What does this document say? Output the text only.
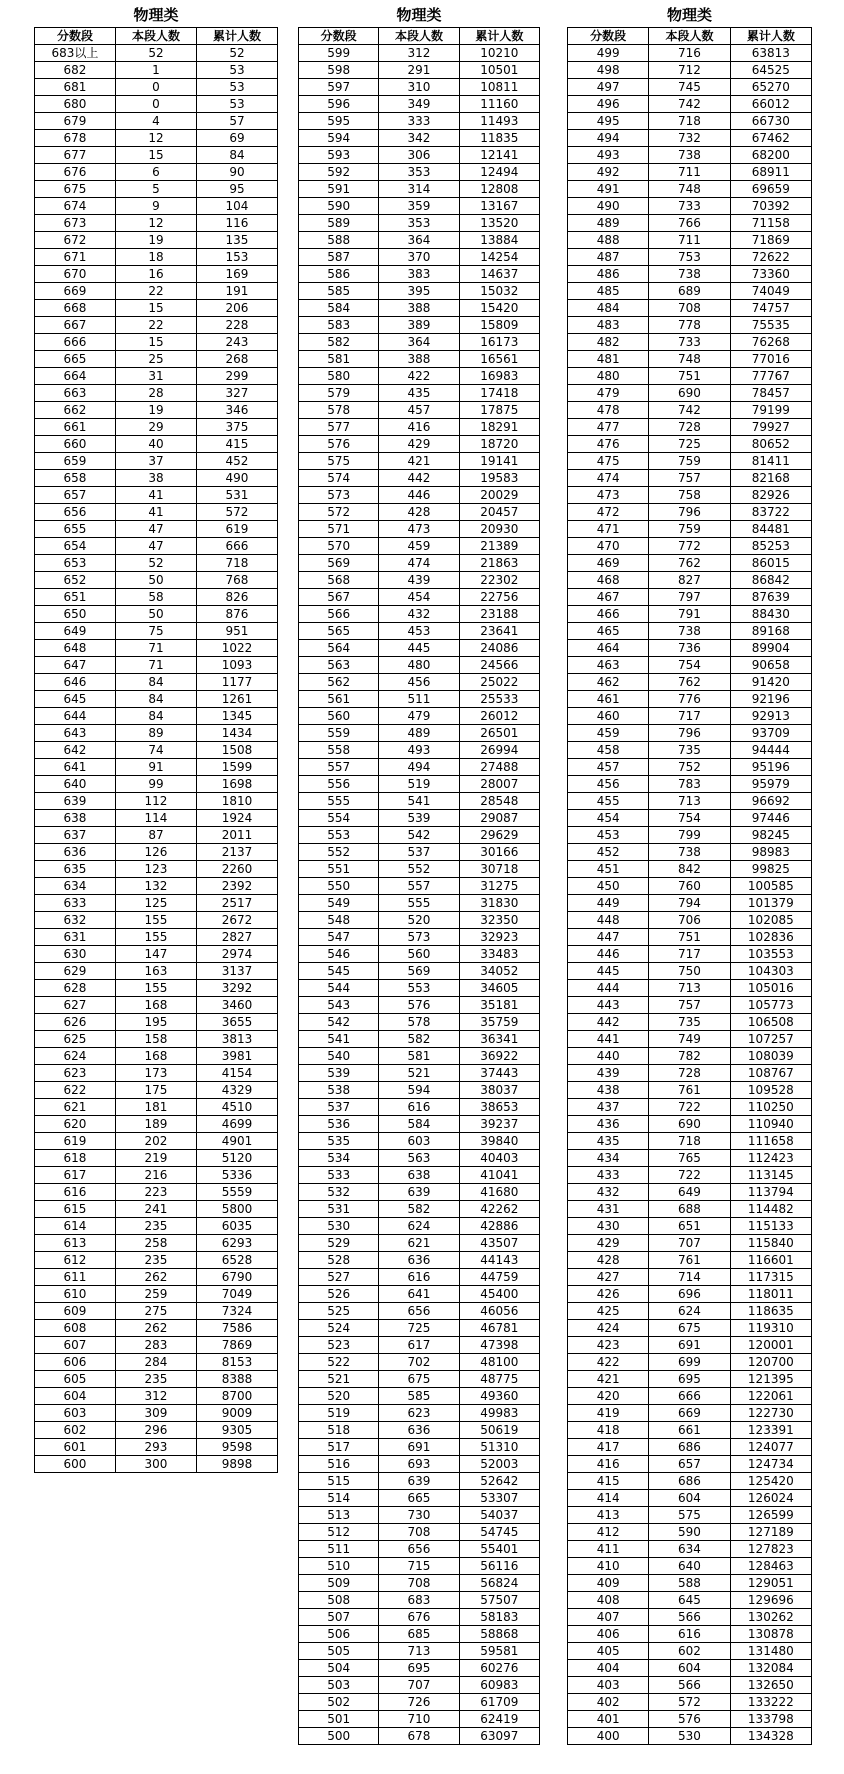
物理类
分数段	本段人数	累计人数
683以上	52	52
682	1	53
681	0	53
680	0	53
679	4	57
678	12	69
677	15	84
676	6	90
675	5	95
674	9	104
673	12	116
672	19	135
671	18	153
670	16	169
669	22	191
668	15	206
667	22	228
666	15	243
665	25	268
664	31	299
663	28	327
662	19	346
661	29	375
660	40	415
659	37	452
658	38	490
657	41	531
656	41	572
655	47	619
654	47	666
653	52	718
652	50	768
651	58	826
650	50	876
649	75	951
648	71	1022
647	71	1093
646	84	1177
645	84	1261
644	84	1345
643	89	1434
642	74	1508
641	91	1599
640	99	1698
639	112	1810
638	114	1924
637	87	2011
636	126	2137
635	123	2260
634	132	2392
633	125	2517
632	155	2672
631	155	2827
630	147	2974
629	163	3137
628	155	3292
627	168	3460
626	195	3655
625	158	3813
624	168	3981
623	173	4154
622	175	4329
621	181	4510
620	189	4699
619	202	4901
618	219	5120
617	216	5336
616	223	5559
615	241	5800
614	235	6035
613	258	6293
612	235	6528
611	262	6790
610	259	7049
609	275	7324
608	262	7586
607	283	7869
606	284	8153
605	235	8388
604	312	8700
603	309	9009
602	296	9305
601	293	9598
600	300	9898
物理类
分数段	本段人数	累计人数
599	312	10210
598	291	10501
597	310	10811
596	349	11160
595	333	11493
594	342	11835
593	306	12141
592	353	12494
591	314	12808
590	359	13167
589	353	13520
588	364	13884
587	370	14254
586	383	14637
585	395	15032
584	388	15420
583	389	15809
582	364	16173
581	388	16561
580	422	16983
579	435	17418
578	457	17875
577	416	18291
576	429	18720
575	421	19141
574	442	19583
573	446	20029
572	428	20457
571	473	20930
570	459	21389
569	474	21863
568	439	22302
567	454	22756
566	432	23188
565	453	23641
564	445	24086
563	480	24566
562	456	25022
561	511	25533
560	479	26012
559	489	26501
558	493	26994
557	494	27488
556	519	28007
555	541	28548
554	539	29087
553	542	29629
552	537	30166
551	552	30718
550	557	31275
549	555	31830
548	520	32350
547	573	32923
546	560	33483
545	569	34052
544	553	34605
543	576	35181
542	578	35759
541	582	36341
540	581	36922
539	521	37443
538	594	38037
537	616	38653
536	584	39237
535	603	39840
534	563	40403
533	638	41041
532	639	41680
531	582	42262
530	624	42886
529	621	43507
528	636	44143
527	616	44759
526	641	45400
525	656	46056
524	725	46781
523	617	47398
522	702	48100
521	675	48775
520	585	49360
519	623	49983
518	636	50619
517	691	51310
516	693	52003
515	639	52642
514	665	53307
513	730	54037
512	708	54745
511	656	55401
510	715	56116
509	708	56824
508	683	57507
507	676	58183
506	685	58868
505	713	59581
504	695	60276
503	707	60983
502	726	61709
501	710	62419
500	678	63097
物理类
分数段	本段人数	累计人数
499	716	63813
498	712	64525
497	745	65270
496	742	66012
495	718	66730
494	732	67462
493	738	68200
492	711	68911
491	748	69659
490	733	70392
489	766	71158
488	711	71869
487	753	72622
486	738	73360
485	689	74049
484	708	74757
483	778	75535
482	733	76268
481	748	77016
480	751	77767
479	690	78457
478	742	79199
477	728	79927
476	725	80652
475	759	81411
474	757	82168
473	758	82926
472	796	83722
471	759	84481
470	772	85253
469	762	86015
468	827	86842
467	797	87639
466	791	88430
465	738	89168
464	736	89904
463	754	90658
462	762	91420
461	776	92196
460	717	92913
459	796	93709
458	735	94444
457	752	95196
456	783	95979
455	713	96692
454	754	97446
453	799	98245
452	738	98983
451	842	99825
450	760	100585
449	794	101379
448	706	102085
447	751	102836
446	717	103553
445	750	104303
444	713	105016
443	757	105773
442	735	106508
441	749	107257
440	782	108039
439	728	108767
438	761	109528
437	722	110250
436	690	110940
435	718	111658
434	765	112423
433	722	113145
432	649	113794
431	688	114482
430	651	115133
429	707	115840
428	761	116601
427	714	117315
426	696	118011
425	624	118635
424	675	119310
423	691	120001
422	699	120700
421	695	121395
420	666	122061
419	669	122730
418	661	123391
417	686	124077
416	657	124734
415	686	125420
414	604	126024
413	575	126599
412	590	127189
411	634	127823
410	640	128463
409	588	129051
408	645	129696
407	566	130262
406	616	130878
405	602	131480
404	604	132084
403	566	132650
402	572	133222
401	576	133798
400	530	134328
